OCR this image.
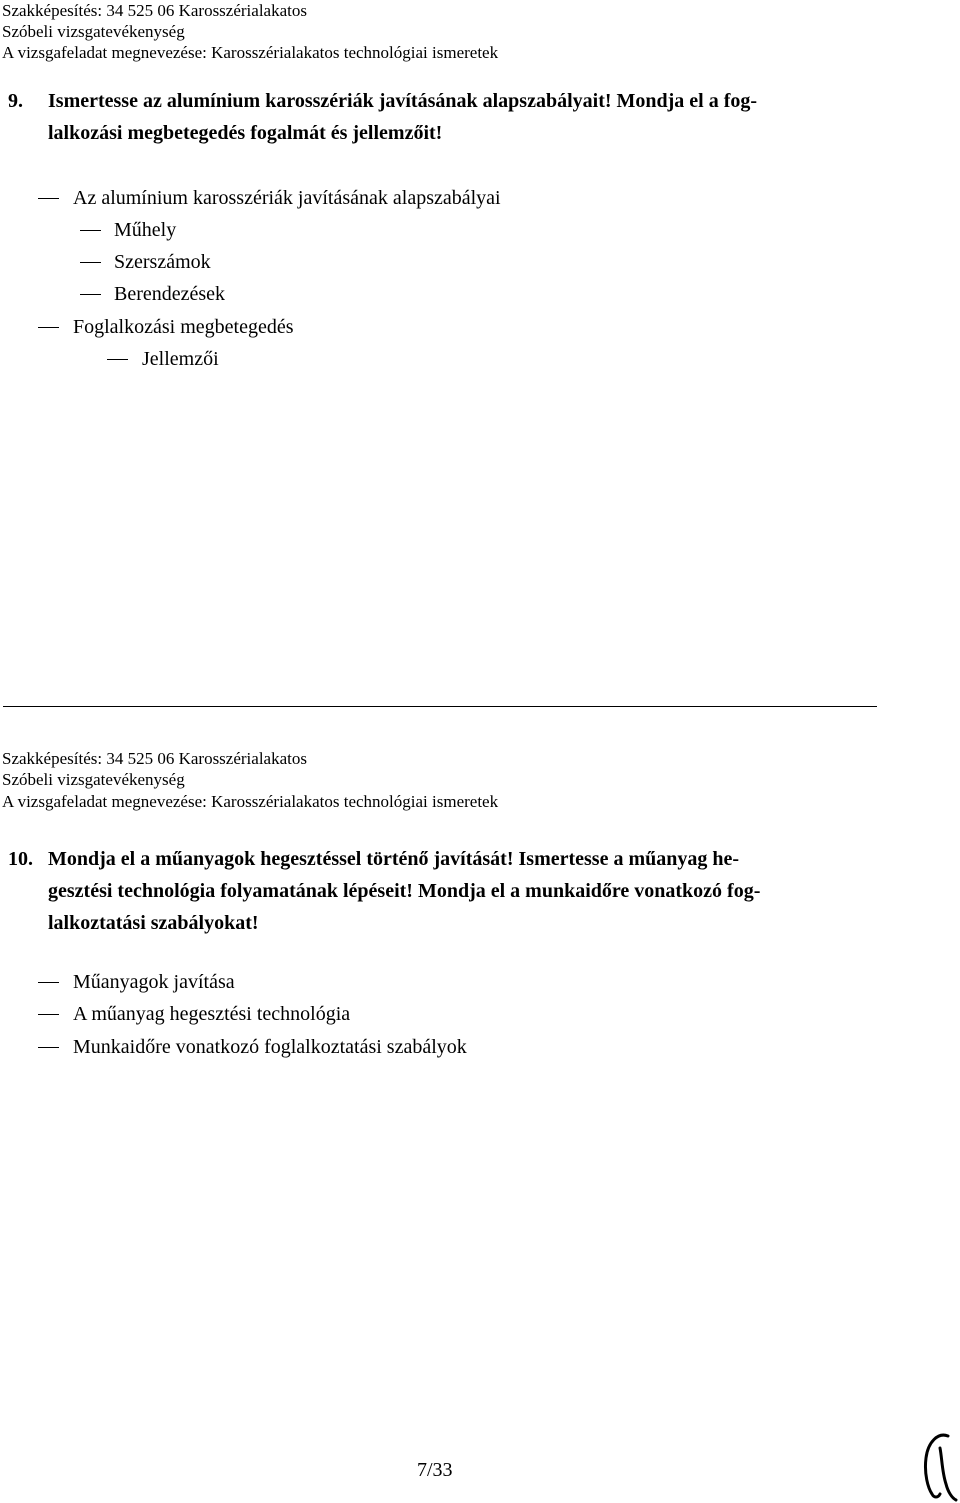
Szakképesítés: 34 525 06 Karosszérialakatos
Szóbeli vizsgatevékenység
A vizsgafeladat megnevezése: Karosszérialakatos technológiai ismeretek
9. Ismertesse az alumínium karosszériák javításának alapszabályait! Mondja el a fog-
lalkozási megbetegedés fogalmát és jellemzőit!
Az alumínium karosszériák javításának alapszabályai
Műhely
Szerszámok
Berendezések
Foglalkozási megbetegedés
Jellemzői
Szakképesítés: 34 525 06 Karosszérialakatos
Szóbeli vizsgatevékenység
A vizsgafeladat megnevezése: Karosszérialakatos technológiai ismeretek
10. Mondja el a műanyagok hegesztéssel történő javítását! Ismertesse a műanyag he-
gesztési technológia folyamatának lépéseit! Mondja el a munkaidőre vonatkozó fog-
lalkoztatási szabályokat!
Műanyagok javítása
A műanyag hegesztési technológia
Munkaidőre vonatkozó foglalkoztatási szabályok
7/33
